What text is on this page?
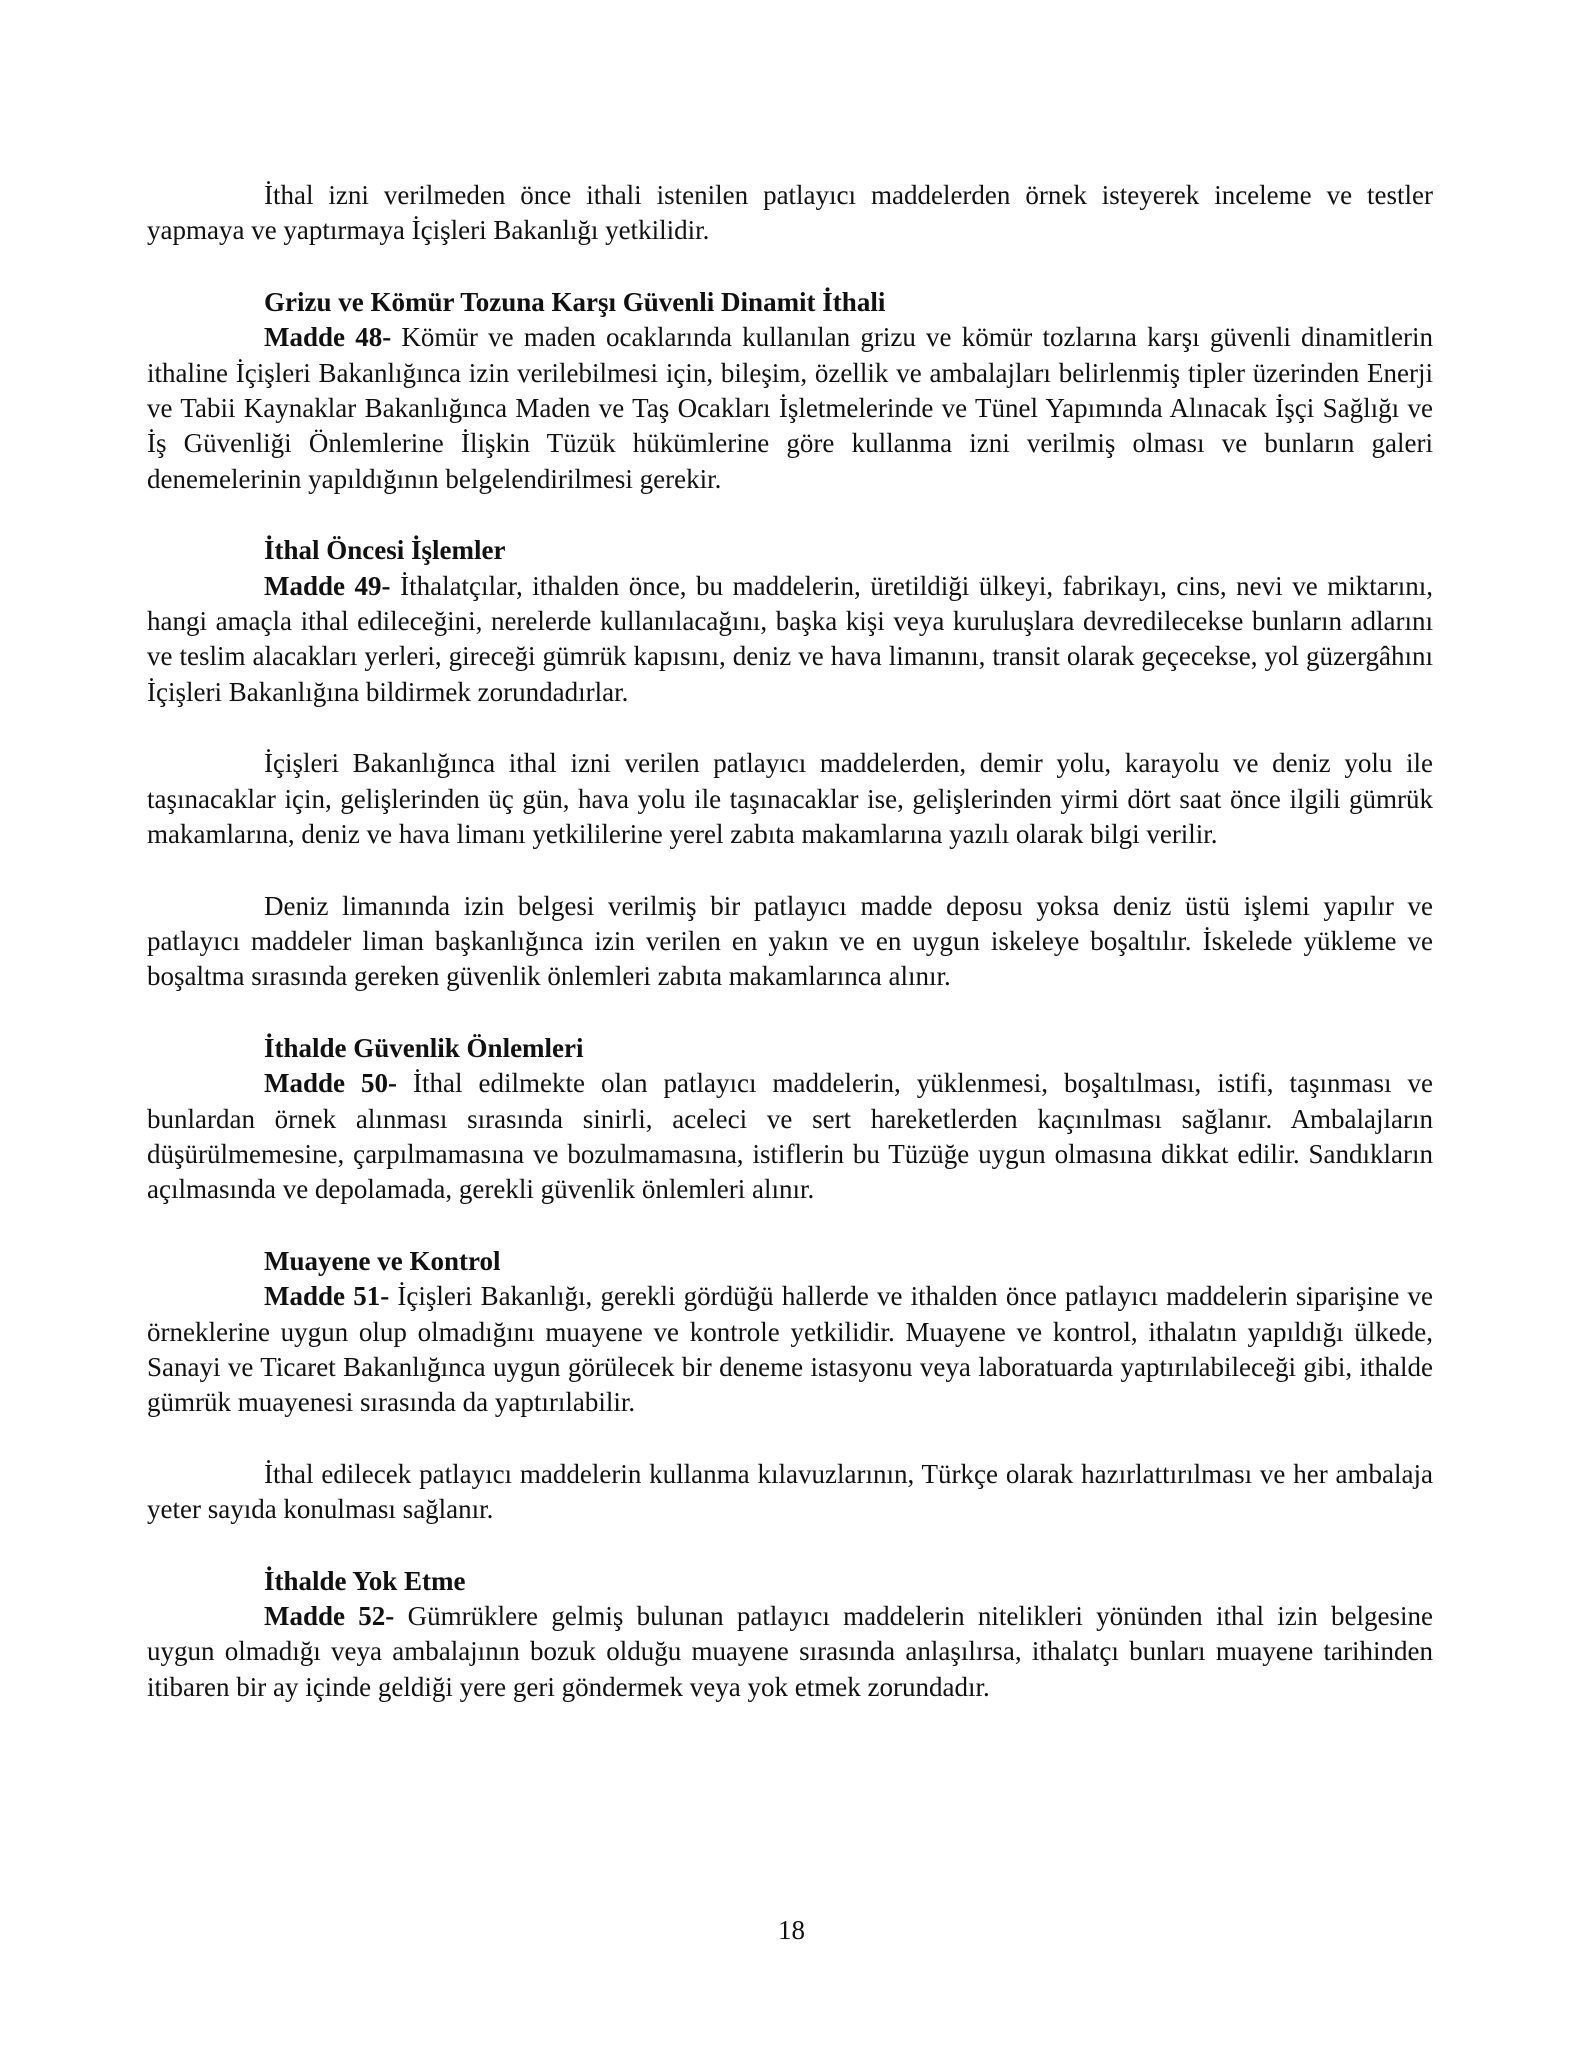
İthal izni verilmeden önce ithali istenilen patlayıcı maddelerden örnek isteyerek inceleme ve testler yapmaya ve yaptırmaya İçişleri Bakanlığı yetkilidir.

Grizu ve Kömür Tozuna Karşı Güvenli Dinamit İthali

Madde 48- Kömür ve maden ocaklarında kullanılan grizu ve kömür tozlarına karşı güvenli dinamitlerin ithaline İçişleri Bakanlığınca izin verilebilmesi için, bileşim, özellik ve ambalajları belirlenmiş tipler üzerinden Enerji ve Tabii Kaynaklar Bakanlığınca Maden ve Taş Ocakları İşletmelerinde ve Tünel Yapımında Alınacak İşçi Sağlığı ve İş Güvenliği Önlemlerine İlişkin Tüzük hükümlerine göre kullanma izni verilmiş olması ve bunların galeri denemelerinin yapıldığının belgelendirilmesi gerekir.

İthal Öncesi İşlemler

Madde 49- İthalatçılar, ithalden önce, bu maddelerin, üretildiği ülkeyi, fabrikayı, cins, nevi ve miktarını, hangi amaçla ithal edileceğini, nerelerde kullanılacağını, başka kişi veya kuruluşlara devredilecekse bunların adlarını ve teslim alacakları yerleri, gireceği gümrük kapısını, deniz ve hava limanını, transit olarak geçecekse, yol güzergâhını İçişleri Bakanlığına bildirmek zorundadırlar.

İçişleri Bakanlığınca ithal izni verilen patlayıcı maddelerden, demir yolu, karayolu ve deniz yolu ile taşınacaklar için, gelişlerinden üç gün, hava yolu ile taşınacaklar ise, gelişlerinden yirmi dört saat önce ilgili gümrük makamlarına, deniz ve hava limanı yetkililerine yerel zabıta makamlarına yazılı olarak bilgi verilir.

Deniz limanında izin belgesi verilmiş bir patlayıcı madde deposu yoksa deniz üstü işlemi yapılır ve patlayıcı maddeler liman başkanlığınca izin verilen en yakın ve en uygun iskeleye boşaltılır. İskelede yükleme ve boşaltma sırasında gereken güvenlik önlemleri zabıta makamlarınca alınır.

İthalde Güvenlik Önlemleri

Madde 50- İthal edilmekte olan patlayıcı maddelerin, yüklenmesi, boşaltılması, istifi, taşınması ve bunlardan örnek alınması sırasında sinirli, aceleci ve sert hareketlerden kaçınılması sağlanır. Ambalajların düşürülmemesine, çarpılmamasına ve bozulmamasına, istiflerin bu Tüzüğe uygun olmasına dikkat edilir. Sandıkların açılmasında ve depolamada, gerekli güvenlik önlemleri alınır.

Muayene ve Kontrol

Madde 51- İçişleri Bakanlığı, gerekli gördüğü hallerde ve ithalden önce patlayıcı maddelerin siparişine ve örneklerine uygun olup olmadığını muayene ve kontrole yetkilidir. Muayene ve kontrol, ithalatın yapıldığı ülkede, Sanayi ve Ticaret Bakanlığınca uygun görülecek bir deneme istasyonu veya laboratuarda yaptırılabileceği gibi, ithalde gümrük muayenesi sırasında da yaptırılabilir.

İthal edilecek patlayıcı maddelerin kullanma kılavuzlarının, Türkçe olarak hazırlattırılması ve her ambalaja yeter sayıda konulması sağlanır.

İthalde Yok Etme

Madde 52- Gümrüklere gelmiş bulunan patlayıcı maddelerin nitelikleri yönünden ithal izin belgesine uygun olmadığı veya ambalajının bozuk olduğu muayene sırasında anlaşılırsa, ithalatçı bunları muayene tarihinden itibaren bir ay içinde geldiği yere geri göndermek veya yok etmek zorundadır.

18
